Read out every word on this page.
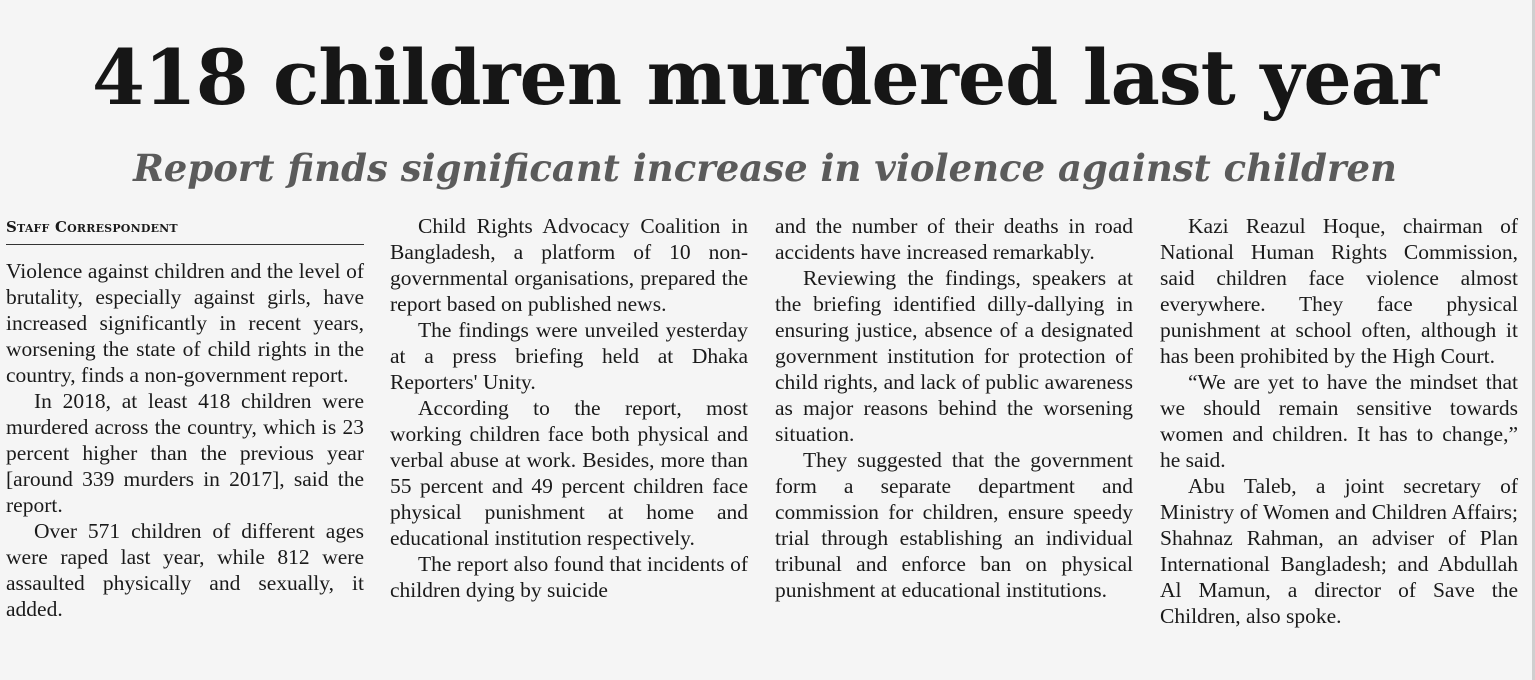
418 children murdered last year
Report finds significant increase in violence against children
Staff Correspondent

Violence against children and the level of brutality, especially against girls, have increased significantly in recent years, worsening the state of child rights in the country, finds a non-government report.

In 2018, at least 418 children were murdered across the country, which is 23 percent higher than the previous year [around 339 murders in 2017], said the report.

Over 571 children of different ages were raped last year, while 812 were assaulted physically and sexually, it added.

Child Rights Advocacy Coalition in Bangladesh, a platform of 10 non-governmental organisations, prepared the report based on published news.

The findings were unveiled yesterday at a press briefing held at Dhaka Reporters' Unity.

According to the report, most working children face both physical and verbal abuse at work. Besides, more than 55 percent and 49 percent children face physical punishment at home and educational institution respectively.

The report also found that incidents of children dying by suicide

and the number of their deaths in road accidents have increased remarkably.

Reviewing the findings, speakers at the briefing identified dilly-dallying in ensuring justice, absence of a designated government institution for protection of child rights, and lack of public awareness as major reasons behind the worsening situation.

They suggested that the government form a separate department and commission for children, ensure speedy trial through establishing an individual tribunal and enforce ban on physical punishment at educational institutions.

Kazi Reazul Hoque, chairman of National Human Rights Commission, said children face violence almost everywhere. They face physical punishment at school often, although it has been prohibited by the High Court.

“We are yet to have the mindset that we should remain sensitive towards women and children. It has to change,” he said.

Abu Taleb, a joint secretary of Ministry of Women and Children Affairs; Shahnaz Rahman, an adviser of Plan International Bangladesh; and Abdullah Al Mamun, a director of Save the Children, also spoke.
